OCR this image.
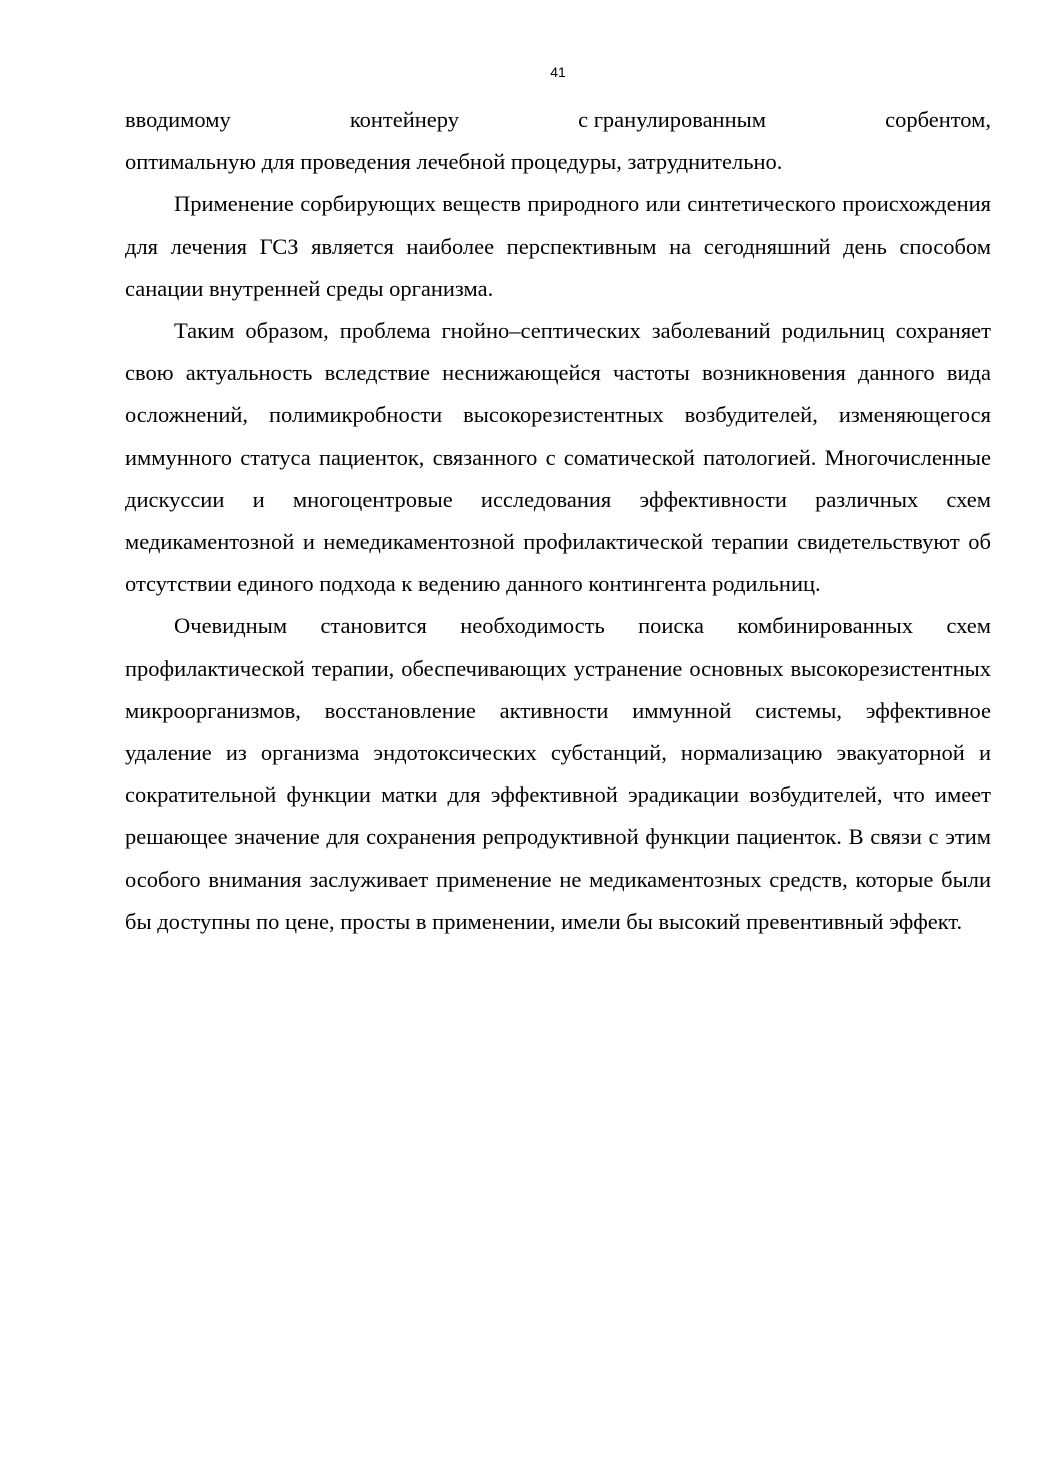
41

вводимому	контейнеру	с гранулированным	сорбентом,
оптимальную для проведения лечебной процедуры, затруднительно.

Применение сорбирующих веществ природного или синтетического происхождения для лечения ГСЗ является наиболее перспективным на сегодняшний день способом санации внутренней среды организма.

Таким образом, проблема гнойно–септических заболеваний родильниц сохраняет свою актуальность вследствие неснижающейся частоты возникновения данного вида осложнений, полимикробности высокорезистентных возбудителей, изменяющегося иммунного статуса пациенток, связанного с соматической патологией. Многочисленные дискуссии и многоцентровые исследования эффективности различных схем медикаментозной и немедикаментозной профилактической терапии свидетельствуют об отсутствии единого подхода к ведению данного контингента родильниц.

Очевидным становится необходимость поиска комбинированных схем профилактической терапии, обеспечивающих устранение основных высокорезистентных микроорганизмов, восстановление активности иммунной системы, эффективное удаление из организма эндотоксических субстанций, нормализацию эвакуаторной и сократительной функции матки для эффективной эрадикации возбудителей, что имеет решающее значение для сохранения репродуктивной функции пациенток. В связи с этим особого внимания заслуживает применение не медикаментозных средств, которые были бы доступны по цене, просты в применении, имели бы высокий превентивный эффект.
